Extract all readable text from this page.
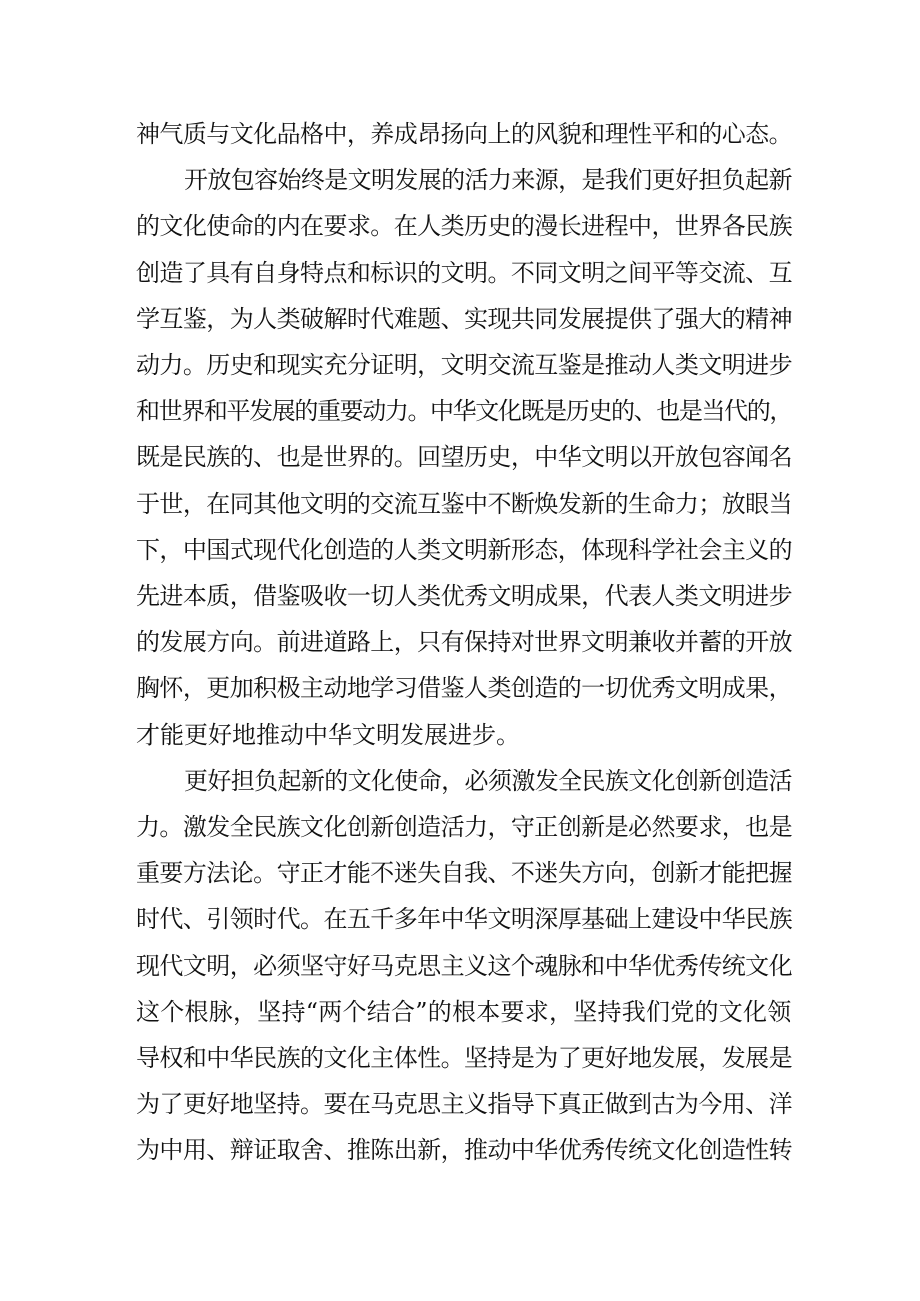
神气质与文化品格中，养成昂扬向上的风貌和理性平和的心态。
开放包容始终是文明发展的活力来源，是我们更好担负起新
的文化使命的内在要求。在人类历史的漫长进程中，世界各民族
创造了具有自身特点和标识的文明。不同文明之间平等交流、互
学互鉴，为人类破解时代难题、实现共同发展提供了强大的精神
动力。历史和现实充分证明，文明交流互鉴是推动人类文明进步
和世界和平发展的重要动力。中华文化既是历史的、也是当代的，
既是民族的、也是世界的。回望历史，中华文明以开放包容闻名
于世，在同其他文明的交流互鉴中不断焕发新的生命力；放眼当
下，中国式现代化创造的人类文明新形态，体现科学社会主义的
先进本质，借鉴吸收一切人类优秀文明成果，代表人类文明进步
的发展方向。前进道路上，只有保持对世界文明兼收并蓄的开放
胸怀，更加积极主动地学习借鉴人类创造的一切优秀文明成果，
才能更好地推动中华文明发展进步。
更好担负起新的文化使命，必须激发全民族文化创新创造活
力。激发全民族文化创新创造活力，守正创新是必然要求，也是
重要方法论。守正才能不迷失自我、不迷失方向，创新才能把握
时代、引领时代。在五千多年中华文明深厚基础上建设中华民族
现代文明，必须坚守好马克思主义这个魂脉和中华优秀传统文化
这个根脉，坚持“两个结合”的根本要求，坚持我们党的文化领
导权和中华民族的文化主体性。坚持是为了更好地发展，发展是
为了更好地坚持。要在马克思主义指导下真正做到古为今用、洋
为中用、辩证取舍、推陈出新，推动中华优秀传统文化创造性转
